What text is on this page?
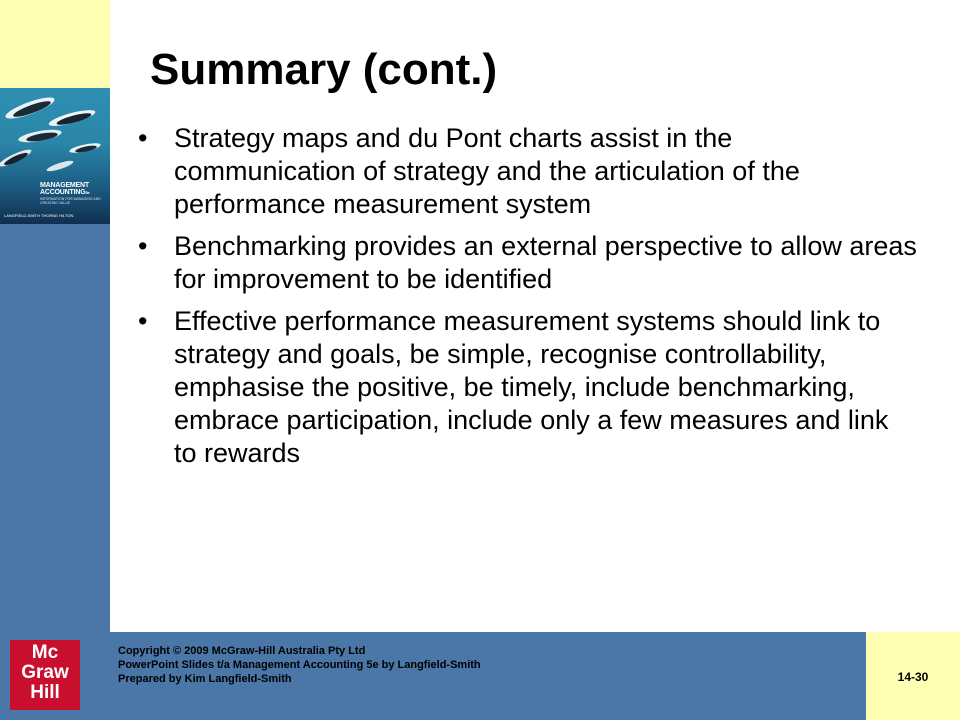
MANAGEMENT
ACCOUNTING5e
INFORMATION FOR MANAGING AND CREATING VALUE
LANGFIELD-SMITH THORNE HILTON
Summary (cont.)
• Strategy maps and du Pont charts assist in the communication of strategy and the articulation of the performance measurement system
• Benchmarking provides an external perspective to allow areas for improvement to be identified
• Effective performance measurement systems should link to strategy and goals, be simple, recognise controllability, emphasise the positive, be timely, include benchmarking, embrace participation, include only a few measures and link to rewards
Mc
Graw
Hill
Copyright © 2009 McGraw-Hill Australia Pty Ltd
PowerPoint Slides t/a Management Accounting 5e by Langfield-Smith
Prepared by Kim Langfield-Smith	14-30
